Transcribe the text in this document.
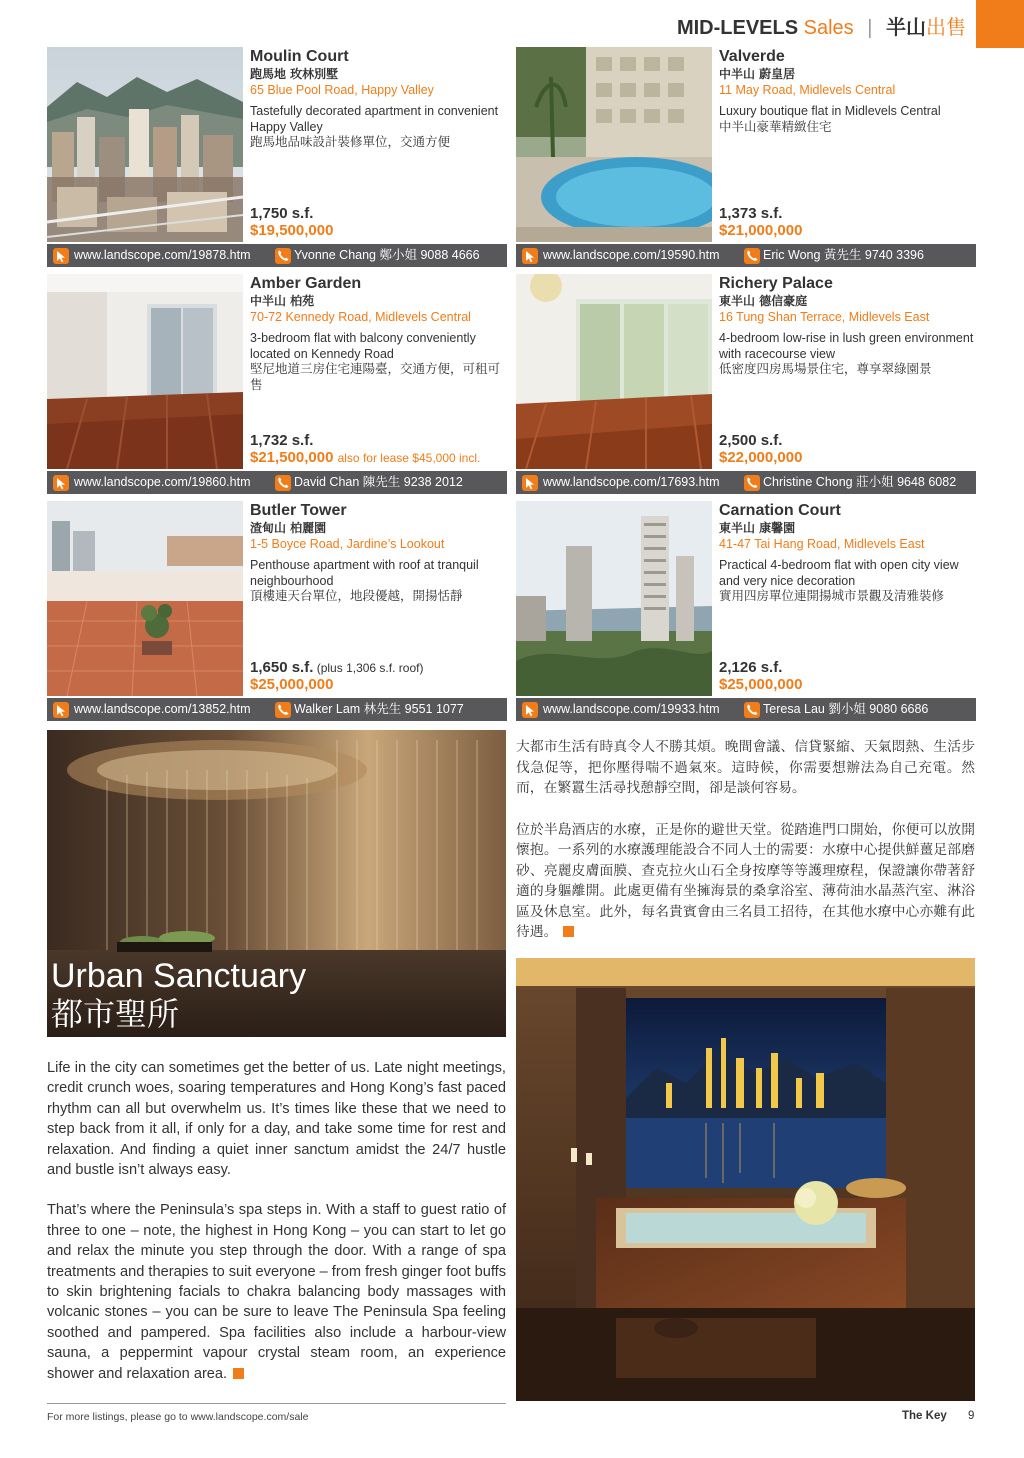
MID-LEVELS Sales | 半山出售
Moulin Court
跑馬地 玫林別墅
65 Blue Pool Road, Happy Valley
Tastefully decorated apartment in convenient Happy Valley
跑馬地品味設計裝修單位，交通方便
1,750 s.f.
$19,500,000
www.landscope.com/19878.htm	Yvonne Chang 鄭小姐 9088 4666
Valverde
中半山 蔚皇居
11 May Road, Midlevels Central
Luxury boutique flat in Midlevels Central
中半山豪華精緻住宅
1,373 s.f.
$21,000,000
www.landscope.com/19590.htm	Eric Wong 黃先生 9740 3396
Amber Garden
中半山 柏苑
70-72 Kennedy Road, Midlevels Central
3-bedroom flat with balcony conveniently located on Kennedy Road
堅尼地道三房住宅連陽臺，交通方便，可租可售
1,732 s.f.
$21,500,000 also for lease $45,000 incl.
www.landscope.com/19860.htm	David Chan 陳先生 9238 2012
Richery Palace
東半山 德信豪庭
16 Tung Shan Terrace, Midlevels East
4-bedroom low-rise in lush green environment with racecourse view
低密度四房馬場景住宅，尊享翠綠園景
2,500 s.f.
$22,000,000
www.landscope.com/17693.htm	Christine Chong 莊小姐 9648 6082
Butler Tower
渣甸山 柏麗園
1-5 Boyce Road, Jardine’s Lookout
Penthouse apartment with roof at tranquil neighbourhood
頂樓連天台單位，地段優越，開揚恬靜
1,650 s.f. (plus 1,306 s.f. roof)
$25,000,000
www.landscope.com/13852.htm	Walker Lam 林先生 9551 1077
Carnation Court
東半山 康馨園
41-47 Tai Hang Road, Midlevels East
Practical 4-bedroom flat with open city view and very nice decoration
實用四房單位連開揚城市景觀及清雅裝修
2,126 s.f.
$25,000,000
www.landscope.com/19933.htm	Teresa Lau 劉小姐 9080 6686
Urban Sanctuary
都市聖所

Life in the city can sometimes get the better of us. Late night meetings, credit crunch woes, soaring temperatures and Hong Kong’s fast paced rhythm can all but overwhelm us. It’s times like these that we need to step back from it all, if only for a day, and take some time for rest and relaxation. And finding a quiet inner sanctum amidst the 24/7 hustle and bustle isn’t always easy.

That’s where the Peninsula’s spa steps in. With a staff to guest ratio of three to one – note, the highest in Hong Kong – you can start to let go and relax the minute you step through the door. With a range of spa treatments and therapies to suit everyone – from fresh ginger foot buffs to skin brightening facials to chakra balancing body massages with volcanic stones – you can be sure to leave The Peninsula Spa feeling soothed and pampered. Spa facilities also include a harbour-view sauna, a peppermint vapour crystal steam room, an experience shower and relaxation area.

大都市生活有時真令人不勝其煩。晚間會議、信貸緊縮、天氣悶熱、生活步伐急促等，把你壓得喘不過氣來。這時候，你需要想辦法為自己充電。然而，在繁囂生活尋找憩靜空間，卻是談何容易。

位於半島酒店的水療，正是你的避世天堂。從踏進門口開始，你便可以放開懷抱。一系列的水療護理能設合不同人士的需要：水療中心提供鮮薑足部磨砂、亮麗皮膚面膜、查克拉火山石全身按摩等等護理療程，保證讓你帶著舒適的身軀離開。此處更備有坐擁海景的桑拿浴室、薄荷油水晶蒸汽室、淋浴區及休息室。此外，每名貴賓會由三名員工招待，在其他水療中心亦難有此待遇。

For more listings, please go to www.landscope.com/sale	The Key 9
